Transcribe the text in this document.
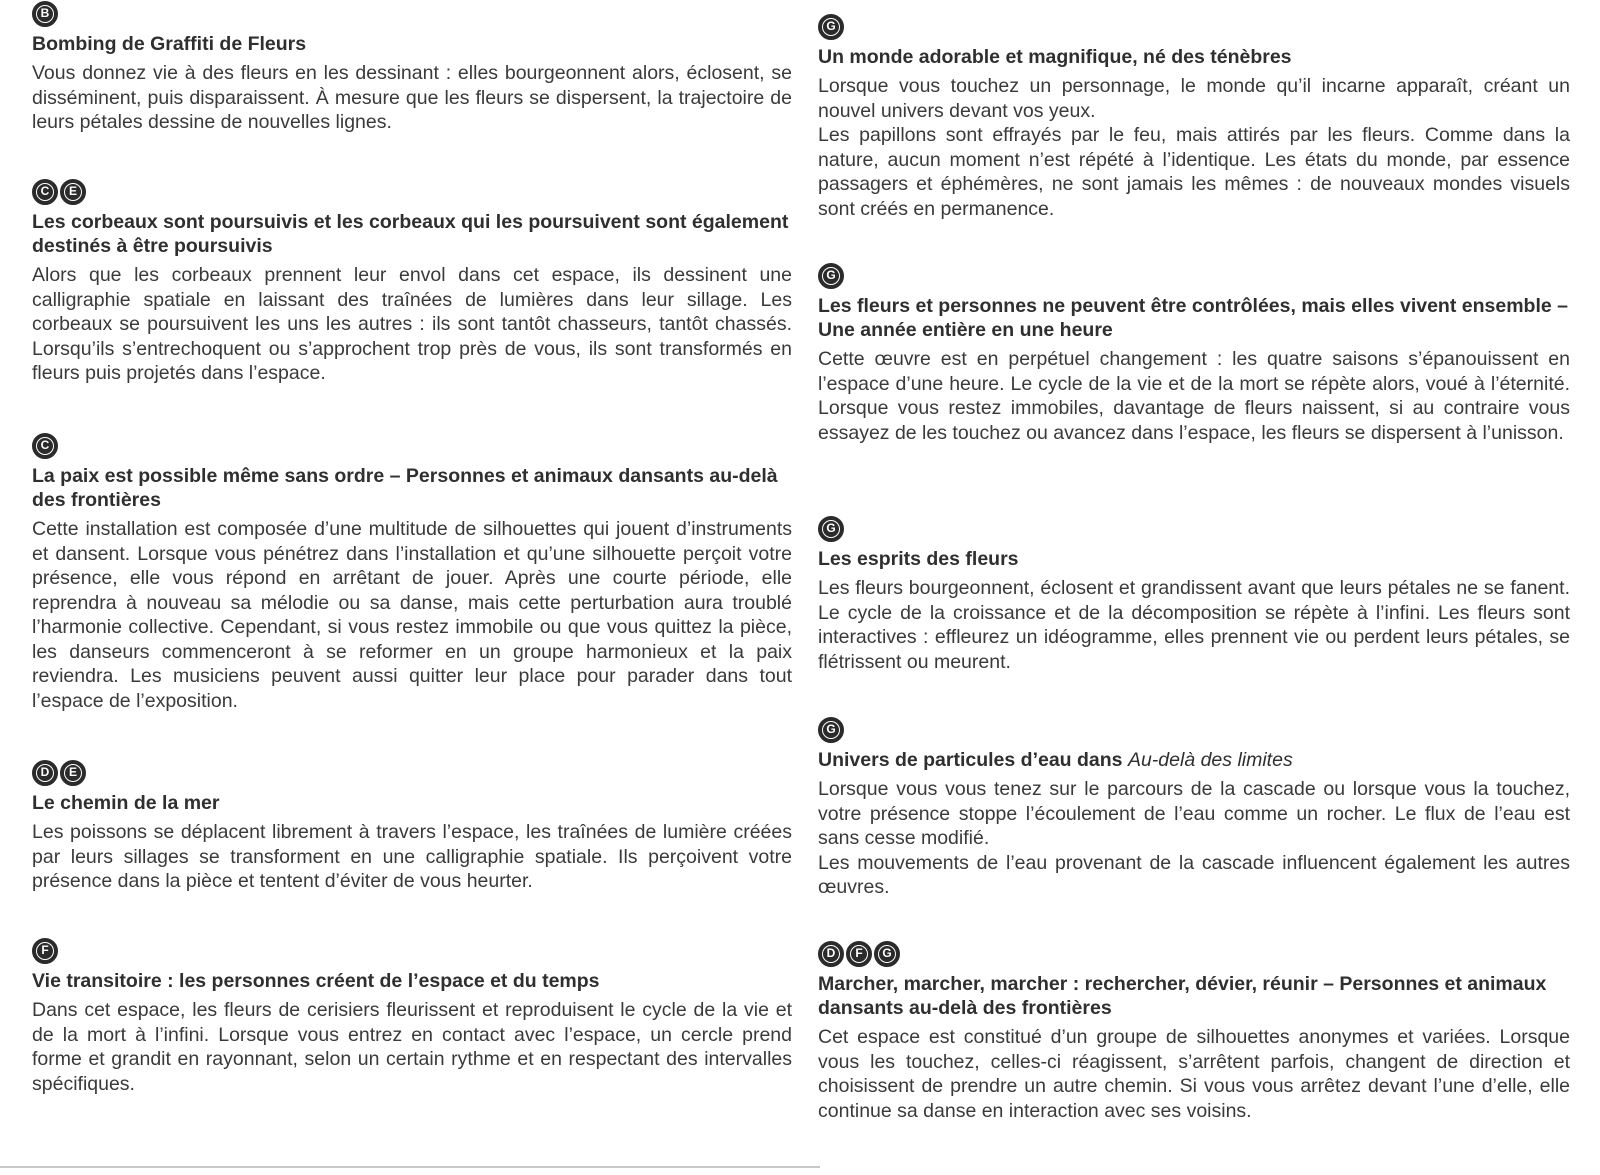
B
Bombing de Graffiti de Fleurs

Vous donnez vie à des fleurs en les dessinant : elles bourgeonnent alors, éclosent, se disséminent, puis disparaissent. À mesure que les fleurs se dispersent, la trajectoire de leurs pétales dessine de nouvelles lignes.

C	E
Les corbeaux sont poursuivis et les corbeaux qui les poursuivent sont également destinés à être poursuivis

Alors que les corbeaux prennent leur envol dans cet espace, ils dessinent une calligraphie spatiale en laissant des traînées de lumières dans leur sillage. Les corbeaux se poursuivent les uns les autres : ils sont tantôt chasseurs, tantôt chassés. Lorsqu’ils s’entrechoquent ou s’approchent trop près de vous, ils sont transformés en fleurs puis projetés dans l’espace.

C
La paix est possible même sans ordre – Personnes et animaux dansants au-delà des frontières

Cette installation est composée d’une multitude de silhouettes qui jouent d’instruments et dansent. Lorsque vous pénétrez dans l’installation et qu’une silhouette perçoit votre présence, elle vous répond en arrêtant de jouer. Après une courte période, elle reprendra à nouveau sa mélodie ou sa danse, mais cette perturbation aura troublé l’harmonie collective. Cependant, si vous restez immobile ou que vous quittez la pièce, les danseurs commenceront à se reformer en un groupe harmonieux et la paix reviendra. Les musiciens peuvent aussi quitter leur place pour parader dans tout l’espace de l’exposition.

D	E
Le chemin de la mer

Les poissons se déplacent librement à travers l’espace, les traînées de lumière créées par leurs sillages se transforment en une calligraphie spatiale. Ils perçoivent votre présence dans la pièce et tentent d’éviter de vous heurter.

F
Vie transitoire : les personnes créent de l’espace et du temps

Dans cet espace, les fleurs de cerisiers fleurissent et reproduisent le cycle de la vie et de la mort à l’infini. Lorsque vous entrez en contact avec l’espace, un cercle prend forme et grandit en rayonnant, selon un certain rythme et en respectant des intervalles spécifiques.

G
Un monde adorable et magnifique, né des ténèbres

Lorsque vous touchez un personnage, le monde qu’il incarne apparaît, créant un nouvel univers devant vos yeux.

Les papillons sont effrayés par le feu, mais attirés par les fleurs. Comme dans la nature, aucun moment n’est répété à l’identique. Les états du monde, par essence passagers et éphémères, ne sont jamais les mêmes : de nouveaux mondes visuels sont créés en permanence.

G
Les fleurs et personnes ne peuvent être contrôlées, mais elles vivent ensemble – Une année entière en une heure

Cette œuvre est en perpétuel changement : les quatre saisons s’épanouissent en l’espace d’une heure. Le cycle de la vie et de la mort se répète alors, voué à l’éternité. Lorsque vous restez immobiles, davantage de fleurs naissent, si au contraire vous essayez de les touchez ou avancez dans l’espace, les fleurs se dispersent à l’unisson.

G
Les esprits des fleurs

Les fleurs bourgeonnent, éclosent et grandissent avant que leurs pétales ne se fanent. Le cycle de la croissance et de la décomposition se répète à l’infini. Les fleurs sont interactives : effleurez un idéogramme, elles prennent vie ou perdent leurs pétales, se flétrissent ou meurent.

G
Univers de particules d’eau dans Au-delà des limites

Lorsque vous vous tenez sur le parcours de la cascade ou lorsque vous la touchez, votre présence stoppe l’écoulement de l’eau comme un rocher. Le flux de l’eau est sans cesse modifié.

Les mouvements de l’eau provenant de la cascade influencent également les autres œuvres.

D	F	G
Marcher, marcher, marcher : rechercher, dévier, réunir – Personnes et animaux dansants au-delà des frontières

Cet espace est constitué d’un groupe de silhouettes anonymes et variées. Lorsque vous les touchez, celles-ci réagissent, s’arrêtent parfois, changent de direction et choisissent de prendre un autre chemin. Si vous vous arrêtez devant l’une d’elle, elle continue sa danse en interaction avec ses voisins.
